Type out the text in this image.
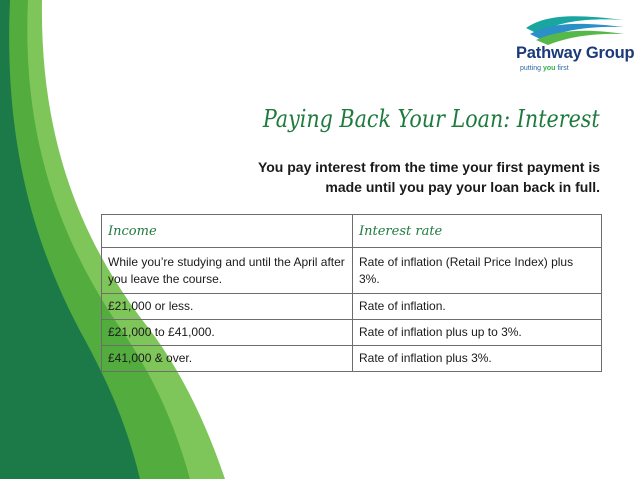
Pathway Group
putting you first
Paying Back Your Loan: Interest
You pay interest from the time your first payment is made until you pay your loan back in full.
Income	Interest rate
While you’re studying and until the April after you leave the course.	Rate of inflation (Retail Price Index) plus 3%.
£21,000 or less.	Rate of inflation.
£21,000 to £41,000.	Rate of inflation plus up to 3%.
£41,000 & over.	Rate of inflation plus 3%.
